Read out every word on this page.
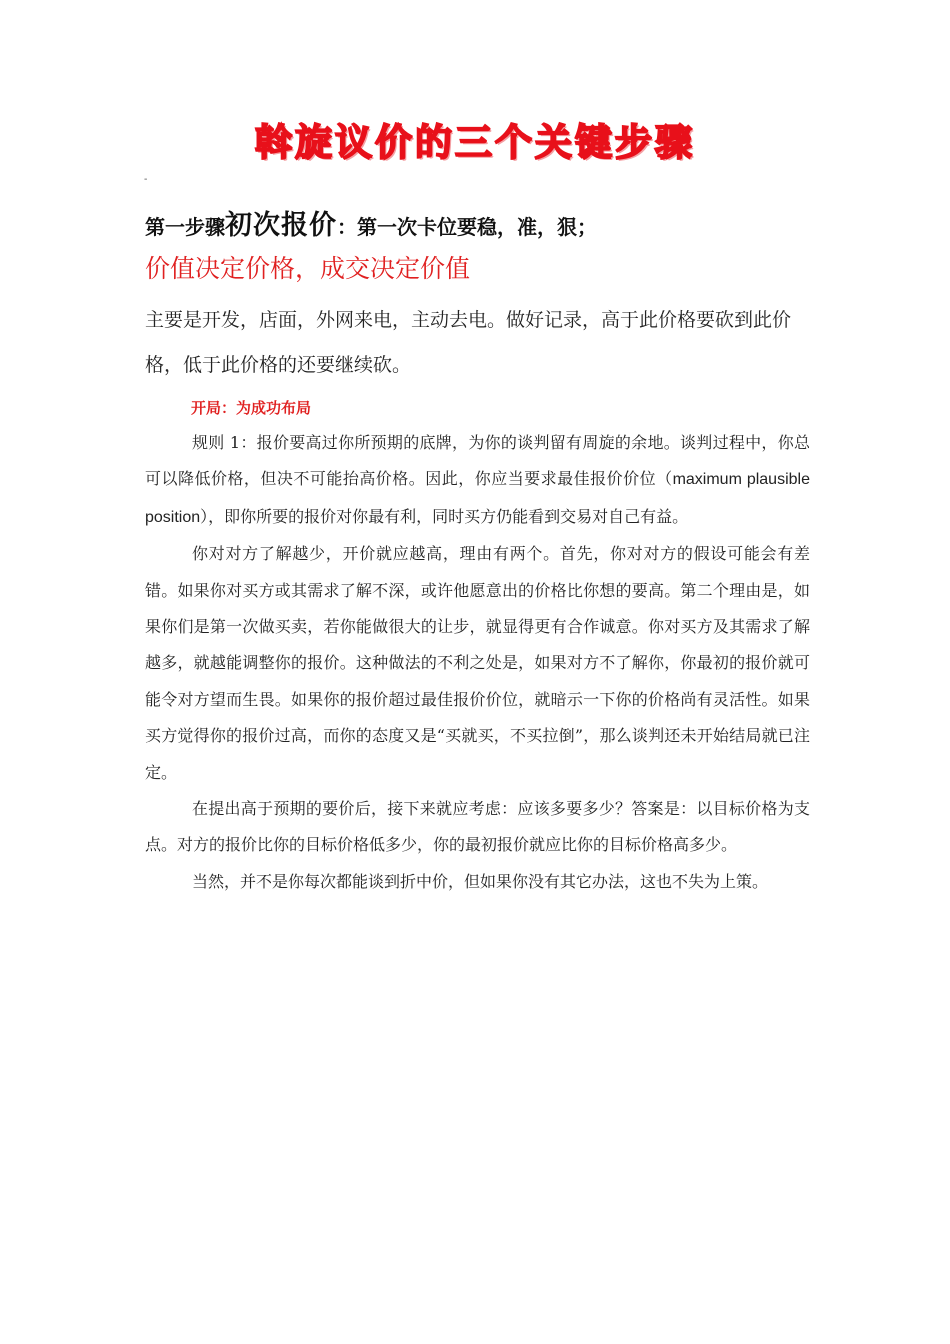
斡旋议价的三个关键步骤
-
第一步骤初次报价：第一次卡位要稳，准，狠；
价值决定价格，成交决定价值
主要是开发，店面，外网来电，主动去电。做好记录，高于此价格要砍到此价格，低于此价格的还要继续砍。
开局：为成功布局

规则 1：报价要高过你所预期的底牌，为你的谈判留有周旋的余地。谈判过程中，你总可以降低价格，但决不可能抬高价格。因此，你应当要求最佳报价价位（maximum plausible position），即你所要的报价对你最有利，同时买方仍能看到交易对自己有益。

你对对方了解越少，开价就应越高，理由有两个。首先，你对对方的假设可能会有差错。如果你对买方或其需求了解不深，或许他愿意出的价格比你想的要高。第二个理由是，如果你们是第一次做买卖，若你能做很大的让步，就显得更有合作诚意。你对买方及其需求了解越多，就越能调整你的报价。这种做法的不利之处是，如果对方不了解你，你最初的报价就可能令对方望而生畏。如果你的报价超过最佳报价价位，就暗示一下你的价格尚有灵活性。如果买方觉得你的报价过高，而你的态度又是“买就买，不买拉倒”，那么谈判还未开始结局就已注定。

在提出高于预期的要价后，接下来就应考虑：应该多要多少？答案是：以目标价格为支点。对方的报价比你的目标价格低多少，你的最初报价就应比你的目标价格高多少。

当然，并不是你每次都能谈到折中价，但如果你没有其它办法，这也不失为上策。
